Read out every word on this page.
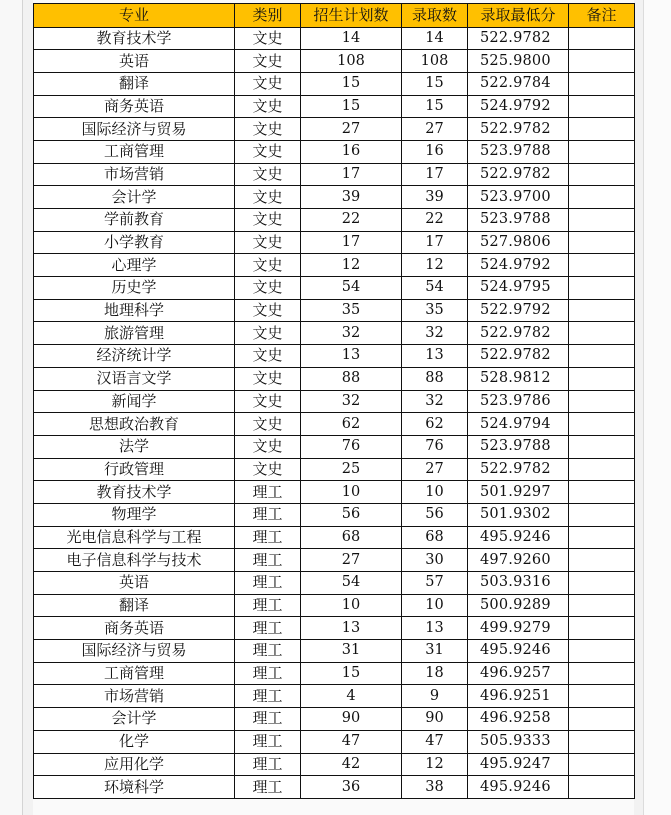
专业	类别	招生计划数	录取数	录取最低分	备注
教育技术学	文史	14	14	522.9782	
英语	文史	108	108	525.9800	
翻译	文史	15	15	522.9784	
商务英语	文史	15	15	524.9792	
国际经济与贸易	文史	27	27	522.9782	
工商管理	文史	16	16	523.9788	
市场营销	文史	17	17	522.9782	
会计学	文史	39	39	523.9700	
学前教育	文史	22	22	523.9788	
小学教育	文史	17	17	527.9806	
心理学	文史	12	12	524.9792	
历史学	文史	54	54	524.9795	
地理科学	文史	35	35	522.9792	
旅游管理	文史	32	32	522.9782	
经济统计学	文史	13	13	522.9782	
汉语言文学	文史	88	88	528.9812	
新闻学	文史	32	32	523.9786	
思想政治教育	文史	62	62	524.9794	
法学	文史	76	76	523.9788	
行政管理	文史	25	27	522.9782	
教育技术学	理工	10	10	501.9297	
物理学	理工	56	56	501.9302	
光电信息科学与工程	理工	68	68	495.9246	
电子信息科学与技术	理工	27	30	497.9260	
英语	理工	54	57	503.9316	
翻译	理工	10	10	500.9289	
商务英语	理工	13	13	499.9279	
国际经济与贸易	理工	31	31	495.9246	
工商管理	理工	15	18	496.9257	
市场营销	理工	4	9	496.9251	
会计学	理工	90	90	496.9258	
化学	理工	47	47	505.9333	
应用化学	理工	42	12	495.9247	
环境科学	理工	36	38	495.9246	
